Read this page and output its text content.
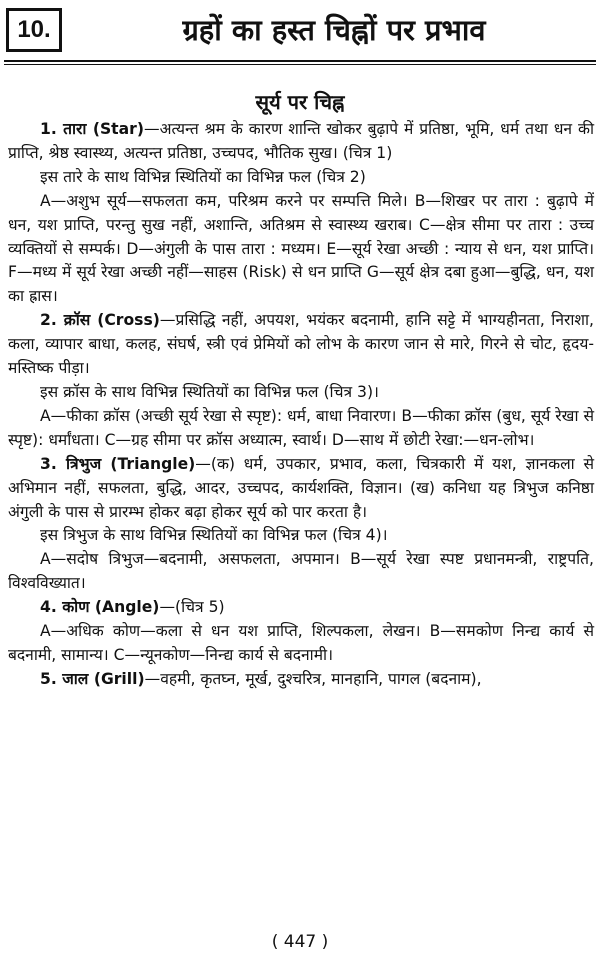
10.	ग्रहों का हस्त चिह्नों पर प्रभाव
सूर्य पर चिह्न

1. तारा (Star)—अत्यन्त श्रम के कारण शान्ति खोकर बुढ़ापे में प्रतिष्ठा, भूमि, धर्म तथा धन की प्राप्ति, श्रेष्ठ स्वास्थ्य, अत्यन्त प्रतिष्ठा, उच्चपद, भौतिक सुख। (चित्र 1)

इस तारे के साथ विभिन्न स्थितियों का विभिन्न फल (चित्र 2)

A—अशुभ सूर्य—सफलता कम, परिश्रम करने पर सम्पत्ति मिले। B—शिखर पर तारा : बुढ़ापे में धन, यश प्राप्ति, परन्तु सुख नहीं, अशान्ति, अतिश्रम से स्वास्थ्य खराब। C—क्षेत्र सीमा पर तारा : उच्च व्यक्तियों से सम्पर्क। D—अंगुली के पास तारा : मध्यम। E—सूर्य रेखा अच्छी : न्याय से धन, यश प्राप्ति। F—मध्य में सूर्य रेखा अच्छी नहीं—साहस (Risk) से धन प्राप्ति G—सूर्य क्षेत्र दबा हुआ—बुद्धि, धन, यश का ह्रास।

2. क्रॉस (Cross)—प्रसिद्धि नहीं, अपयश, भयंकर बदनामी, हानि सट्टे में भाग्यहीनता, निराशा, कला, व्यापार बाधा, कलह, संघर्ष, स्त्री एवं प्रेमियों को लोभ के कारण जान से मारे, गिरने से चोट, हृदय-मस्तिष्क पीड़ा।

इस क्रॉस के साथ विभिन्न स्थितियों का विभिन्न फल (चित्र 3)।

A—फीका क्रॉस (अच्छी सूर्य रेखा से स्पृष्ट): धर्म, बाधा निवारण। B—फीका क्रॉस (बुध, सूर्य रेखा से स्पृष्ट): धर्मांधता। C—ग्रह सीमा पर क्रॉस अध्यात्म, स्वार्थ। D—साथ में छोटी रेखा:—धन-लोभ।

3. त्रिभुज (Triangle)—(क) धर्म, उपकार, प्रभाव, कला, चित्रकारी में यश, ज्ञानकला से अभिमान नहीं, सफलता, बुद्धि, आदर, उच्चपद, कार्यशक्ति, विज्ञान। (ख) कनिधा यह त्रिभुज कनिष्ठा अंगुली के पास से प्रारम्भ होकर बढ़ा होकर सूर्य को पार करता है।

इस त्रिभुज के साथ विभिन्न स्थितियों का विभिन्न फल (चित्र 4)।

A—सदोष त्रिभुज—बदनामी, असफलता, अपमान। B—सूर्य रेखा स्पष्ट प्रधानमन्त्री, राष्ट्रपति, विश्वविख्यात।

4. कोण (Angle)—(चित्र 5)

A—अधिक कोण—कला से धन यश प्राप्ति, शिल्पकला, लेखन। B—समकोण निन्द्य कार्य से बदनामी, सामान्य। C—न्यूनकोण—निन्द्य कार्य से बदनामी।

5. जाल (Grill)—वहमी, कृतघ्न, मूर्ख, दुश्चरित्र, मानहानि, पागल (बदनाम),

( 447 )
